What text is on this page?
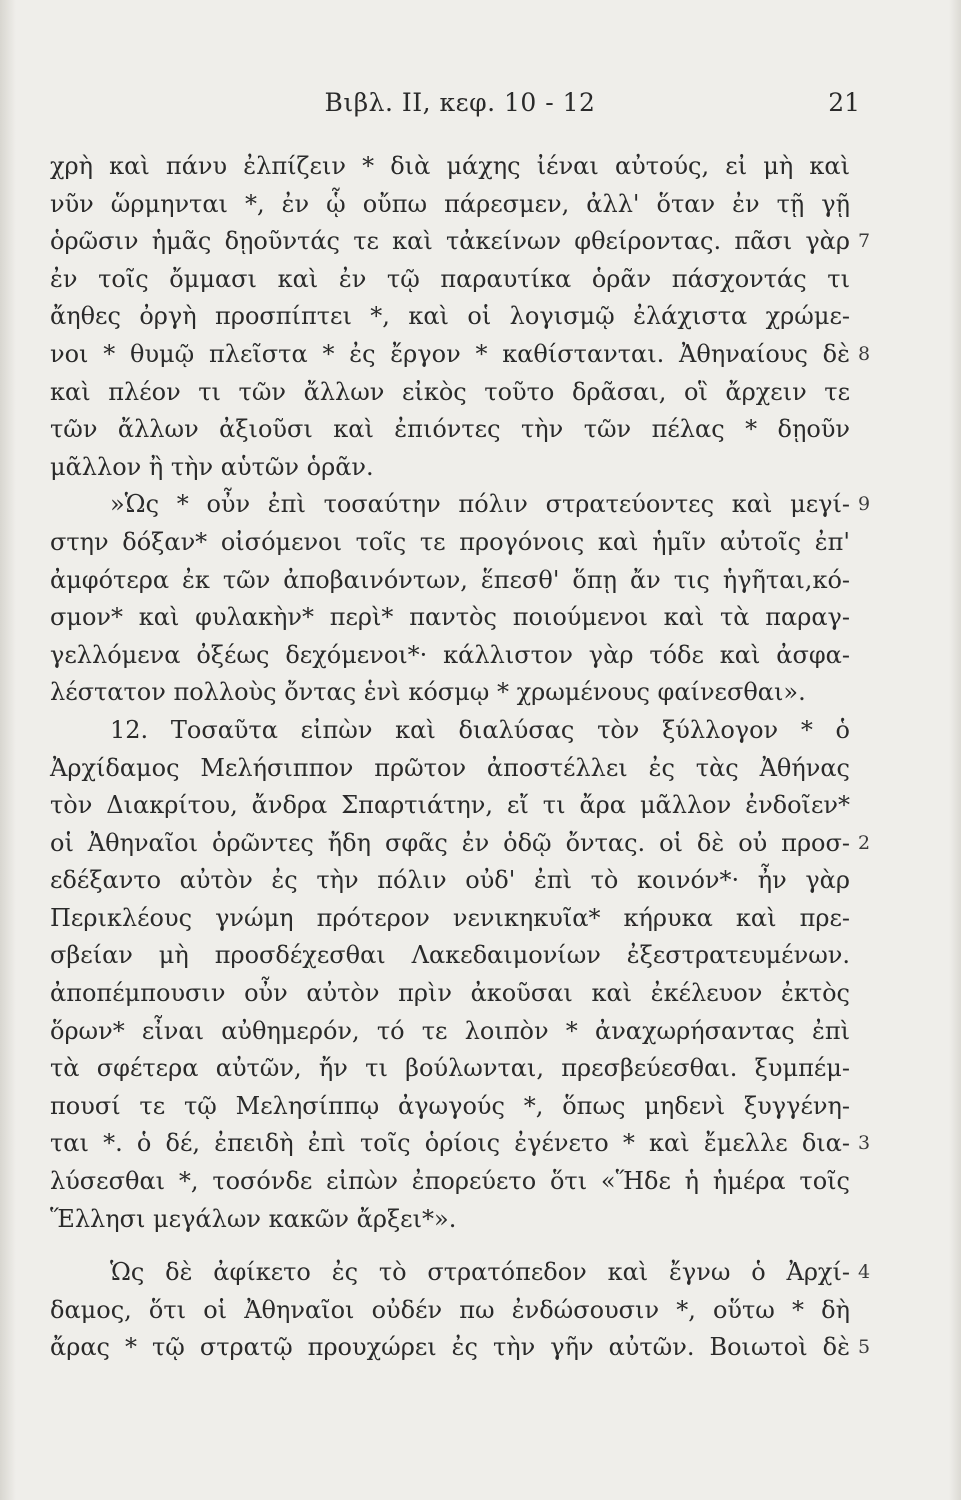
Βιβλ. ΙΙ, κεφ. 10 - 12	21
χρὴ καὶ πάνυ ἐλπίζειν * διὰ μάχης ἰέναι αὐτούς, εἰ μὴ καὶ
νῦν ὥρμηνται *, ἐν ᾧ οὔπω πάρεσμεν, ἀλλ' ὅταν ἐν τῇ γῇ
ὁρῶσιν ἡμᾶς δῃοῦντάς τε καὶ τἀκείνων φθείροντας. πᾶσι γὰρ 7
ἐν τοῖς ὄμμασι καὶ ἐν τῷ παραυτίκα ὁρᾶν πάσχοντάς τι
ἄηθες ὀργὴ προσπίπτει *, καὶ οἱ λογισμῷ ἐλάχιστα χρώμε-
νοι * θυμῷ πλεῖστα * ἐς ἔργον * καθίστανται. Ἀθηναίους δὲ 8
καὶ πλέον τι τῶν ἄλλων εἰκὸς τοῦτο δρᾶσαι, οἳ ἄρχειν τε
τῶν ἄλλων ἀξιοῦσι καὶ ἐπιόντες τὴν τῶν πέλας * δῃοῦν
μᾶλλον ἢ τὴν αὑτῶν ὁρᾶν.
»Ὡς * οὖν ἐπὶ τοσαύτην πόλιν στρατεύοντες καὶ μεγί- 9
στην δόξαν* οἰσόμενοι τοῖς τε προγόνοις καὶ ἡμῖν αὐτοῖς ἐπ'
ἀμφότερα ἐκ τῶν ἀποβαινόντων, ἕπεσθ' ὅπῃ ἄν τις ἡγῆται,κό-
σμον* καὶ φυλακὴν* περὶ* παντὸς ποιούμενοι καὶ τὰ παραγ-
γελλόμενα ὀξέως δεχόμενοι*· κάλλιστον γὰρ τόδε καὶ ἀσφα-
λέστατον πολλοὺς ὄντας ἑνὶ κόσμῳ * χρωμένους φαίνεσθαι».
12. Τοσαῦτα εἰπὼν καὶ διαλύσας τὸν ξύλλογον * ὁ
Ἀρχίδαμος Μελήσιππον πρῶτον ἀποστέλλει ἐς τὰς Ἀθήνας
τὸν Διακρίτου, ἄνδρα Σπαρτιάτην, εἴ τι ἄρα μᾶλλον ἐνδοῖεν*
οἱ Ἀθηναῖοι ὁρῶντες ἤδη σφᾶς ἐν ὁδῷ ὄντας. οἱ δὲ οὐ προσ- 2
εδέξαντο αὐτὸν ἐς τὴν πόλιν οὐδ' ἐπὶ τὸ κοινόν*· ἦν γὰρ
Περικλέους γνώμη πρότερον νενικηκυῖα* κήρυκα καὶ πρε-
σβείαν μὴ προσδέχεσθαι Λακεδαιμονίων ἐξεστρατευμένων.
ἀποπέμπουσιν οὖν αὐτὸν πρὶν ἀκοῦσαι καὶ ἐκέλευον ἐκτὸς
ὅρων* εἶναι αὐθημερόν, τό τε λοιπὸν * ἀναχωρήσαντας ἐπὶ
τὰ σφέτερα αὐτῶν, ἤν τι βούλωνται, πρεσβεύεσθαι. ξυμπέμ-
πουσί τε τῷ Μελησίππῳ ἀγωγούς *, ὅπως μηδενὶ ξυγγένη-
ται *. ὁ δέ, ἐπειδὴ ἐπὶ τοῖς ὁρίοις ἐγένετο * καὶ ἔμελλε δια- 3
λύσεσθαι *, τοσόνδε εἰπὼν ἐπορεύετο ὅτι «Ἥδε ἡ ἡμέρα τοῖς
Ἕλλησι μεγάλων κακῶν ἄρξει*».
Ὡς δὲ ἀφίκετο ἐς τὸ στρατόπεδον καὶ ἔγνω ὁ Ἀρχί- 4
δαμος, ὅτι οἱ Ἀθηναῖοι οὐδέν πω ἐνδώσουσιν *, οὕτω * δὴ
ἄρας * τῷ στρατῷ προυχώρει ἐς τὴν γῆν αὐτῶν. Βοιωτοὶ δὲ 5
